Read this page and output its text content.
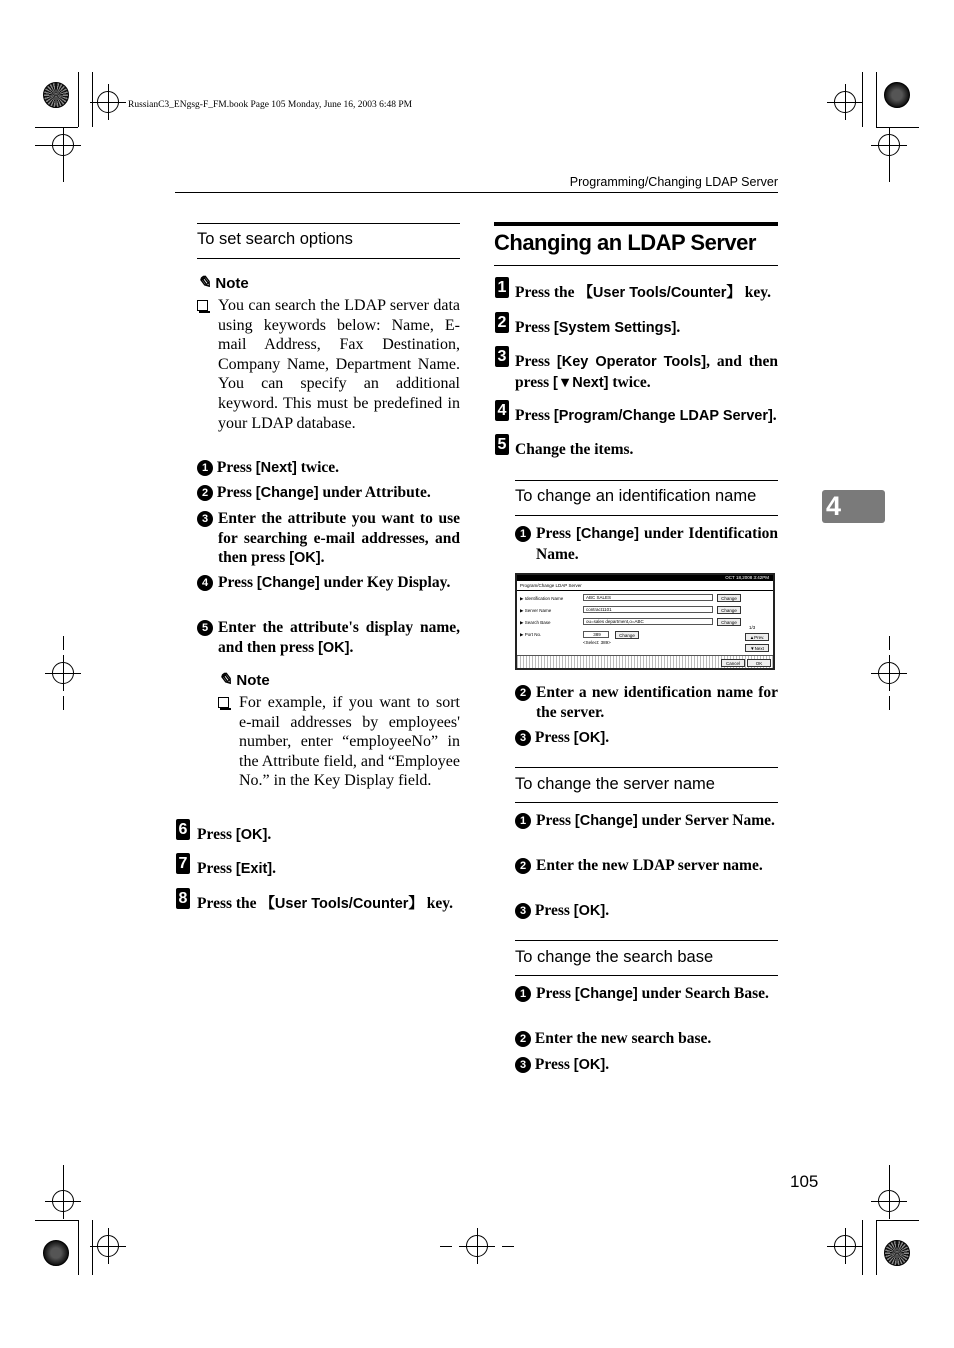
RussianC3_ENgsg-F_FM.book Page 105 Monday, June 16, 2003 6:48 PM
Programming/Changing LDAP Server
4
To set search options
✎ Note
You can search the LDAP server data using keywords below: Name, E-mail Address, Fax Destination, Company Name, Department Name. You can specify an additional keyword. This must be predefined in your LDAP database.
1 Press [Next] twice.
2 Press [Change] under Attribute.
3 Enter the attribute you want to use for searching e-mail addresses, and then press [OK].
4 Press [Change] under Key Display.
5 Enter the attribute's display name, and then press [OK].
✎ Note
For example, if you want to sort e-mail addresses by employees' number, enter “employeeNo” in the Attribute field, and “Employee No.” in the Key Display field.
6 Press [OK].
7 Press [Exit].
8 Press the 【User Tools/Counter】 key.
Changing an LDAP Server
1 Press the 【User Tools/Counter】 key.
2 Press [System Settings].
3 Press [Key Operator Tools], and then press [▼Next] twice.
4 Press [Program/Change LDAP Server].
5 Change the items.
To change an identification name
1 Press [Change] under Identification Name.
OCT 18,2008 3:42PM
Program/Change LDAP Server
▶ Identification Name	ABC SALES	Change
▶ Server Name	contract1101	Change
▶ Search Base	ou=sales department,o=ABC	Change
▶ Port No.	389	Change
<Select: 389>
1/3
▲Prev.
▼Next
Cancel	OK
2 Enter a new identification name for the server.
3 Press [OK].
To change the server name
1 Press [Change] under Server Name.
2 Enter the new LDAP server name.
3 Press [OK].
To change the search base
1 Press [Change] under Search Base.
2 Enter the new search base.
3 Press [OK].
105
